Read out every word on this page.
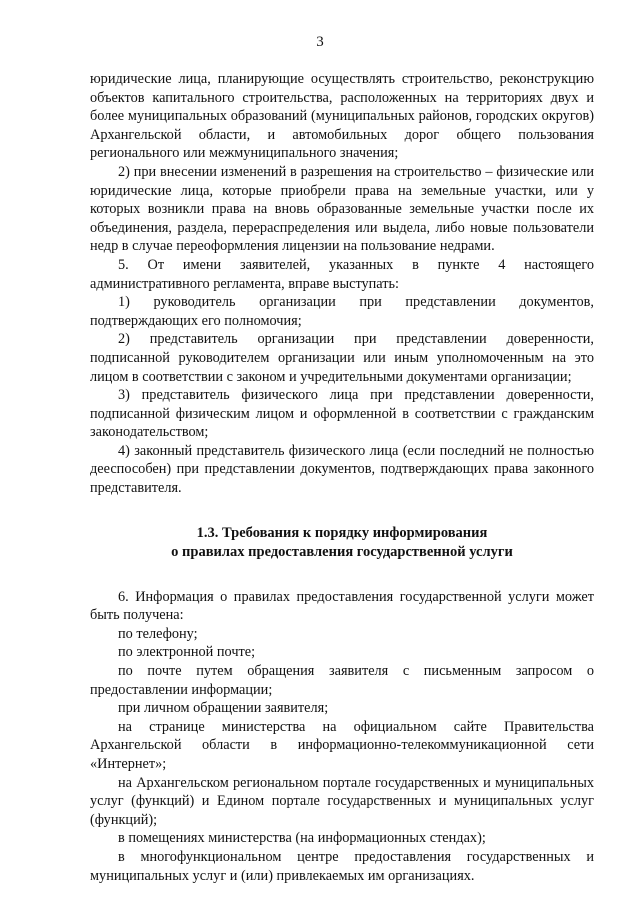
3

юридические лица, планирующие осуществлять строительство, реконструкцию объектов капитального строительства, расположенных на территориях двух и более муниципальных образований (муниципальных районов, городских округов) Архангельской области, и автомобильных дорог общего пользования регионального или межмуниципального значения;

2) при внесении изменений в разрешения на строительство – физические или юридические лица, которые приобрели права на земельные участки, или у которых возникли права на вновь образованные земельные участки после их объединения, раздела, перераспределения или выдела, либо новые пользователи недр в случае переоформления лицензии на пользование недрами.

5. От имени заявителей, указанных в пункте 4 настоящего административного регламента, вправе выступать:

1) руководитель организации при представлении документов, подтверждающих его полномочия;

2) представитель организации при представлении доверенности, подписанной руководителем организации или иным уполномоченным на это лицом в соответствии с законом и учредительными документами организации;

3) представитель физического лица при представлении доверенности, подписанной физическим лицом и оформленной в соответствии с гражданским законодательством;

4) законный представитель физического лица (если последний не полностью дееспособен) при представлении документов, подтверждающих права законного представителя.

1.3. Требования к порядку информирования
о правилах предоставления государственной услуги

6. Информация о правилах предоставления государственной услуги может быть получена:

по телефону;

по электронной почте;

по почте путем обращения заявителя с письменным запросом о предоставлении информации;

при личном обращении заявителя;

на странице министерства на официальном сайте Правительства Архангельской области в информационно-телекоммуникационной сети «Интернет»;

на Архангельском региональном портале государственных и муниципальных услуг (функций) и Едином портале государственных и муниципальных услуг (функций);

в помещениях министерства (на информационных стендах);

в многофункциональном центре предоставления государственных и муниципальных услуг и (или) привлекаемых им организациях.
